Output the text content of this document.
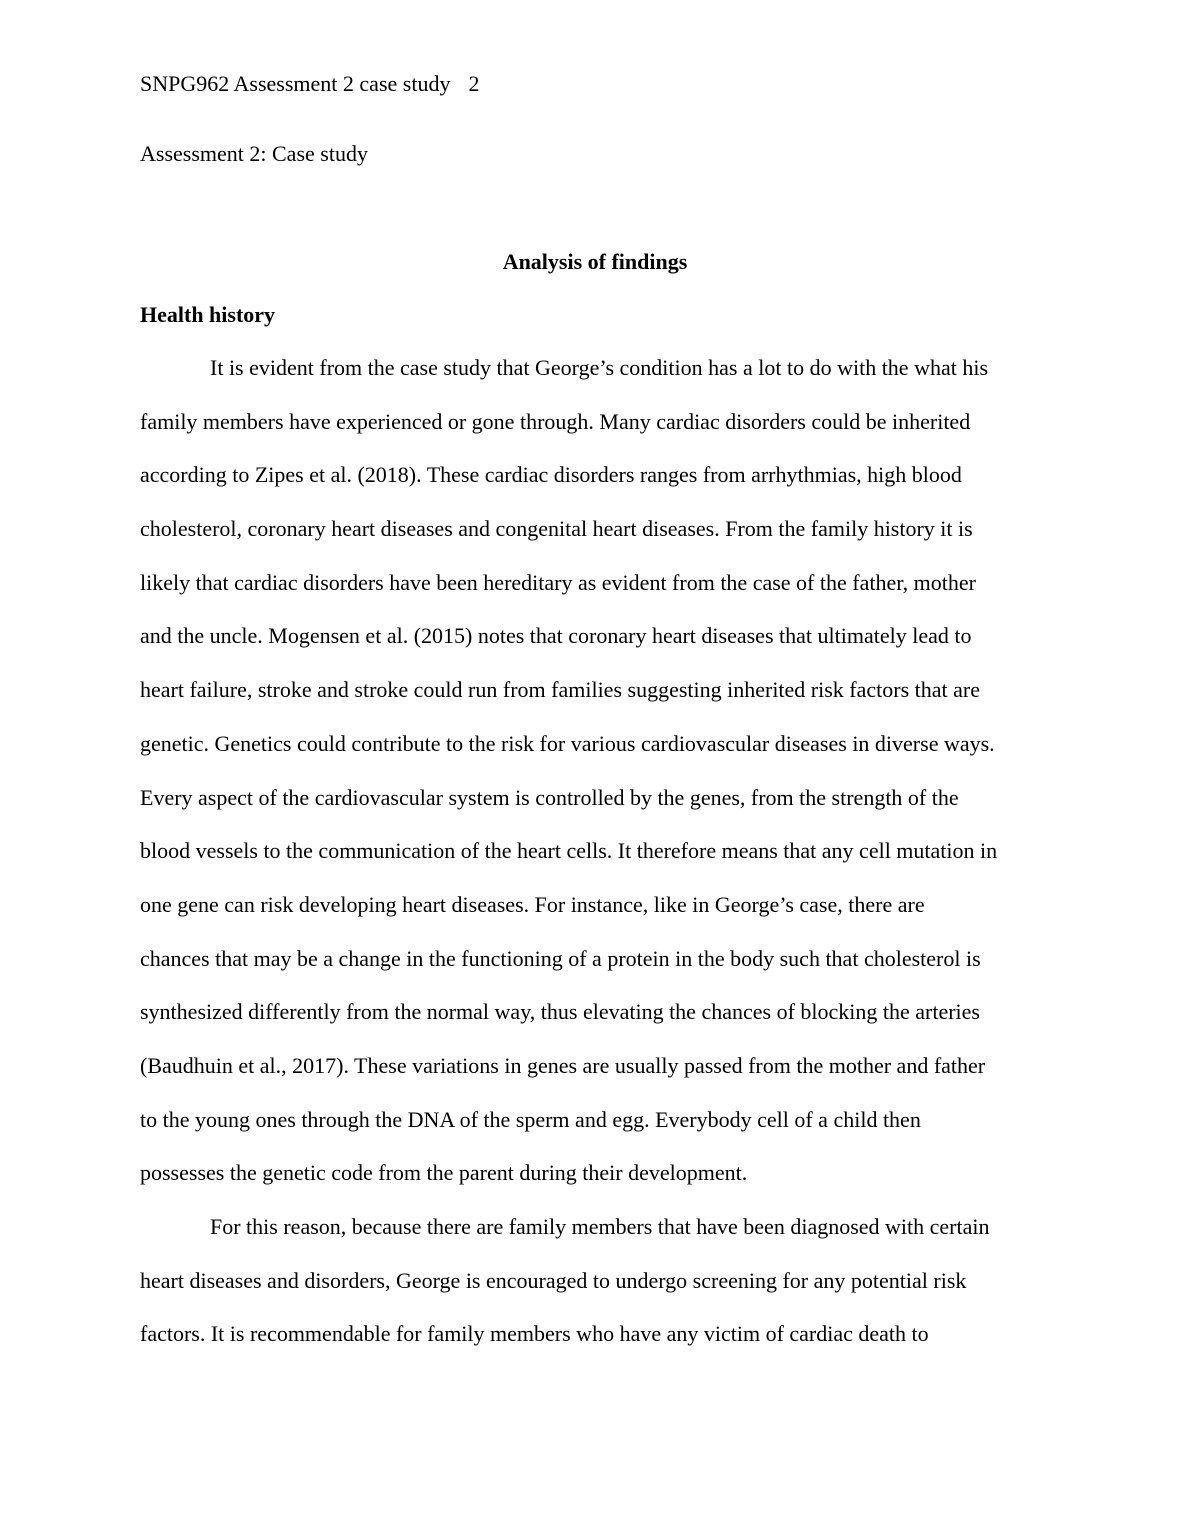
SNPG962 Assessment 2 case study 2
Assessment 2: Case study
Analysis of findings
Health history
It is evident from the case study that George’s condition has a lot to do with the what his
family members have experienced or gone through. Many cardiac disorders could be inherited
according to Zipes et al. (2018). These cardiac disorders ranges from arrhythmias, high blood
cholesterol, coronary heart diseases and congenital heart diseases. From the family history it is
likely that cardiac disorders have been hereditary as evident from the case of the father, mother
and the uncle. Mogensen et al. (2015) notes that coronary heart diseases that ultimately lead to
heart failure, stroke and stroke could run from families suggesting inherited risk factors that are
genetic. Genetics could contribute to the risk for various cardiovascular diseases in diverse ways.
Every aspect of the cardiovascular system is controlled by the genes, from the strength of the
blood vessels to the communication of the heart cells. It therefore means that any cell mutation in
one gene can risk developing heart diseases. For instance, like in George’s case, there are
chances that may be a change in the functioning of a protein in the body such that cholesterol is
synthesized differently from the normal way, thus elevating the chances of blocking the arteries
(Baudhuin et al., 2017). These variations in genes are usually passed from the mother and father
to the young ones through the DNA of the sperm and egg. Everybody cell of a child then
possesses the genetic code from the parent during their development.
For this reason, because there are family members that have been diagnosed with certain
heart diseases and disorders, George is encouraged to undergo screening for any potential risk
factors. It is recommendable for family members who have any victim of cardiac death to
